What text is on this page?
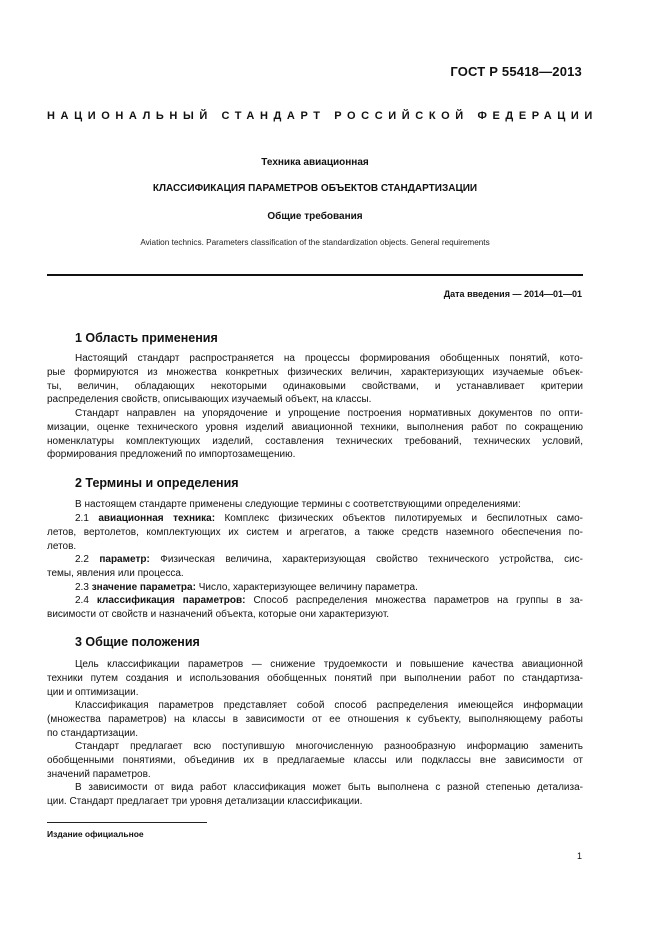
ГОСТ Р 55418—2013
НАЦИОНАЛЬНЫЙ СТАНДАРТ РОССИЙСКОЙ ФЕДЕРАЦИИ
Техника авиационная
КЛАССИФИКАЦИЯ ПАРАМЕТРОВ ОБЪЕКТОВ СТАНДАРТИЗАЦИИ
Общие требования
Aviation technics. Parameters classification of the standardization objects. General requirements
Дата введения — 2014—01—01
1 Область применения
Настоящий стандарт распространяется на процессы формирования обобщенных понятий, кото-
рые формируются из множества конкретных физических величин, характеризующих изучаемые объек-
ты, величин, обладающих некоторыми одинаковыми свойствами, и устанавливает критерии
распределения свойств, описывающих изучаемый объект, на классы.
Стандарт направлен на упорядочение и упрощение построения нормативных документов по опти-
мизации, оценке технического уровня изделий авиационной техники, выполнения работ по сокращению
номенклатуры комплектующих изделий, составления технических требований, технических условий,
формирования предложений по импортозамещению.
2 Термины и определения
В настоящем стандарте применены следующие термины с соответствующими определениями:
2.1 авиационная техника: Комплекс физических объектов пилотируемых и беспилотных само-
летов, вертолетов, комплектующих их систем и агрегатов, а также средств наземного обеспечения по-
летов.
2.2 параметр: Физическая величина, характеризующая свойство технического устройства, сис-
темы, явления или процесса.
2.3 значение параметра: Число, характеризующее величину параметра.
2.4 классификация параметров: Способ распределения множества параметров на группы в за-
висимости от свойств и назначений объекта, которые они характеризуют.
3 Общие положения
Цель классификации параметров — снижение трудоемкости и повышение качества авиационной
техники путем создания и использования обобщенных понятий при выполнении работ по стандартиза-
ции и оптимизации.
Классификация параметров представляет собой способ распределения имеющейся информации
(множества параметров) на классы в зависимости от ее отношения к субъекту, выполняющему работы
по стандартизации.
Стандарт предлагает всю поступившую многочисленную разнообразную информацию заменить
обобщенными понятиями, объединив их в предлагаемые классы или подклассы вне зависимости от
значений параметров.
В зависимости от вида работ классификация может быть выполнена с разной степенью детализа-
ции. Стандарт предлагает три уровня детализации классификации.
Издание официальное
1
